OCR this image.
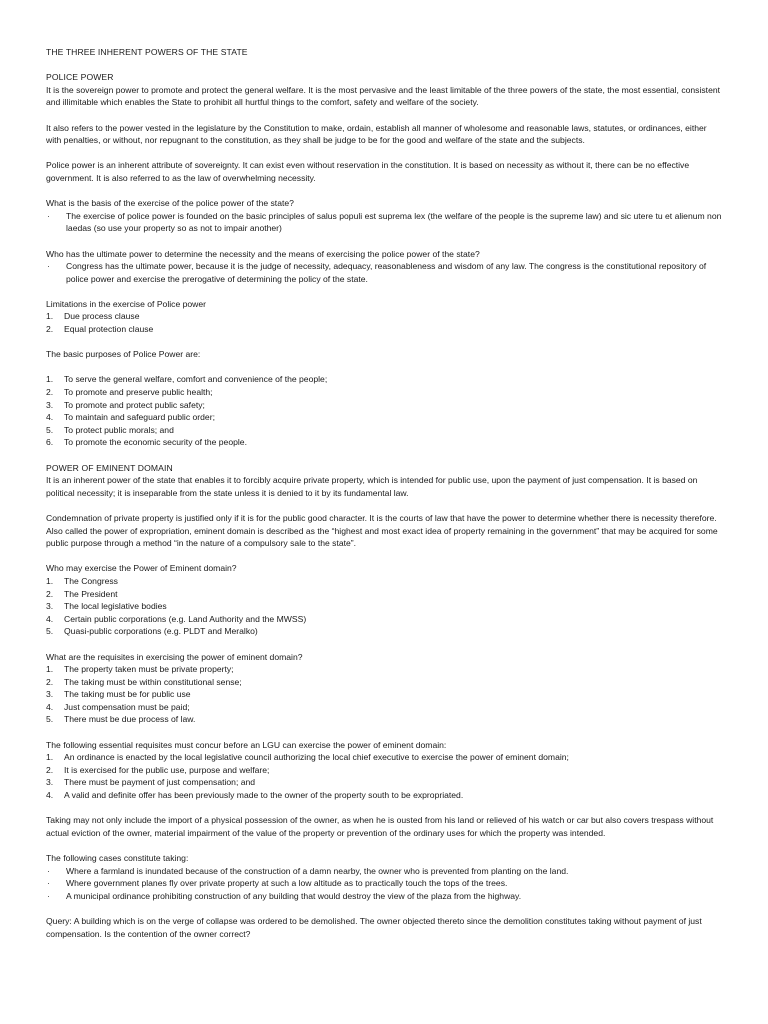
THE THREE INHERENT POWERS OF THE STATE

POLICE POWER

It is the sovereign power to promote and protect the general welfare. It is the most pervasive and the least limitable of the three powers of the state, the most essential, consistent and illimitable which enables the State to prohibit all hurtful things to the comfort, safety and welfare of the society.

It also refers to the power vested in the legislature by the Constitution to make, ordain, establish all manner of wholesome and reasonable laws, statutes, or ordinances, either with penalties, or without, nor repugnant to the constitution, as they shall be judge to be for the good and welfare of the state and the subjects.

Police power is an inherent attribute of sovereignty. It can exist even without reservation in the constitution. It is based on necessity as without it, there can be no effective government. It is also referred to as the law of overwhelming necessity.

What is the basis of the exercise of the police power of the state?

·	The exercise of police power is founded on the basic principles of salus populi est suprema lex (the welfare of the people is the supreme law) and sic utere tu et alienum non laedas (so use your property so as not to impair another)

Who has the ultimate power to determine the necessity and the means of exercising the police power of the state?

·	Congress has the ultimate power, because it is the judge of necessity, adequacy, reasonableness and wisdom of any law. The congress is the constitutional repository of police power and exercise the prerogative of determining the policy of the state.

Limitations in the exercise of Police power

1.	Due process clause
2.	Equal protection clause

The basic purposes of Police Power are:

1.	To serve the general welfare, comfort and convenience of the people;
2.	To promote and preserve public health;
3.	To promote and protect public safety;
4.	To maintain and safeguard public order;
5.	To protect public morals; and
6.	To promote the economic security of the people.

POWER OF EMINENT DOMAIN

It is an inherent power of the state that enables it to forcibly acquire private property, which is intended for public use, upon the payment of just compensation. It is based on political necessity; it is inseparable from the state unless it is denied to it by its fundamental law.

Condemnation of private property is justified only if it is for the public good character. It is the courts of law that have the power to determine whether there is necessity therefore. Also called the power of expropriation, eminent domain is described as the “highest and most exact idea of property remaining in the government” that may be acquired for some public purpose through a method “in the nature of a compulsory sale to the state”.

Who may exercise the Power of Eminent domain?

1.	The Congress
2.	The President
3.	The local legislative bodies
4.	Certain public corporations (e.g. Land Authority and the MWSS)
5.	Quasi-public corporations (e.g. PLDT and Meralko)

What are the requisites in exercising the power of eminent domain?

1.	The property taken must be private property;
2.	The taking must be within constitutional sense;
3.	The taking must be for public use
4.	Just compensation must be paid;
5.	There must be due process of law.

The following essential requisites must concur before an LGU can exercise the power of eminent domain:

1.	An ordinance is enacted by the local legislative council authorizing the local chief executive to exercise the power of eminent domain;
2.	It is exercised for the public use, purpose and welfare;
3.	There must be payment of just compensation; and
4.	A valid and definite offer has been previously made to the owner of the property south to be expropriated.

Taking may not only include the import of a physical possession of the owner, as when he is ousted from his land or relieved of his watch or car but also covers trespass without actual eviction of the owner, material impairment of the value of the property or prevention of the ordinary uses for which the property was intended.

The following cases constitute taking:

·	Where a farmland is inundated because of the construction of a damn nearby, the owner who is prevented from planting on the land.
·	Where government planes fly over private property at such a low altitude as to practically touch the tops of the trees.
·	A municipal ordinance prohibiting construction of any building that would destroy the view of the plaza from the highway.

Query: A building which is on the verge of collapse was ordered to be demolished. The owner objected thereto since the demolition constitutes taking without payment of just compensation. Is the contention of the owner correct?
